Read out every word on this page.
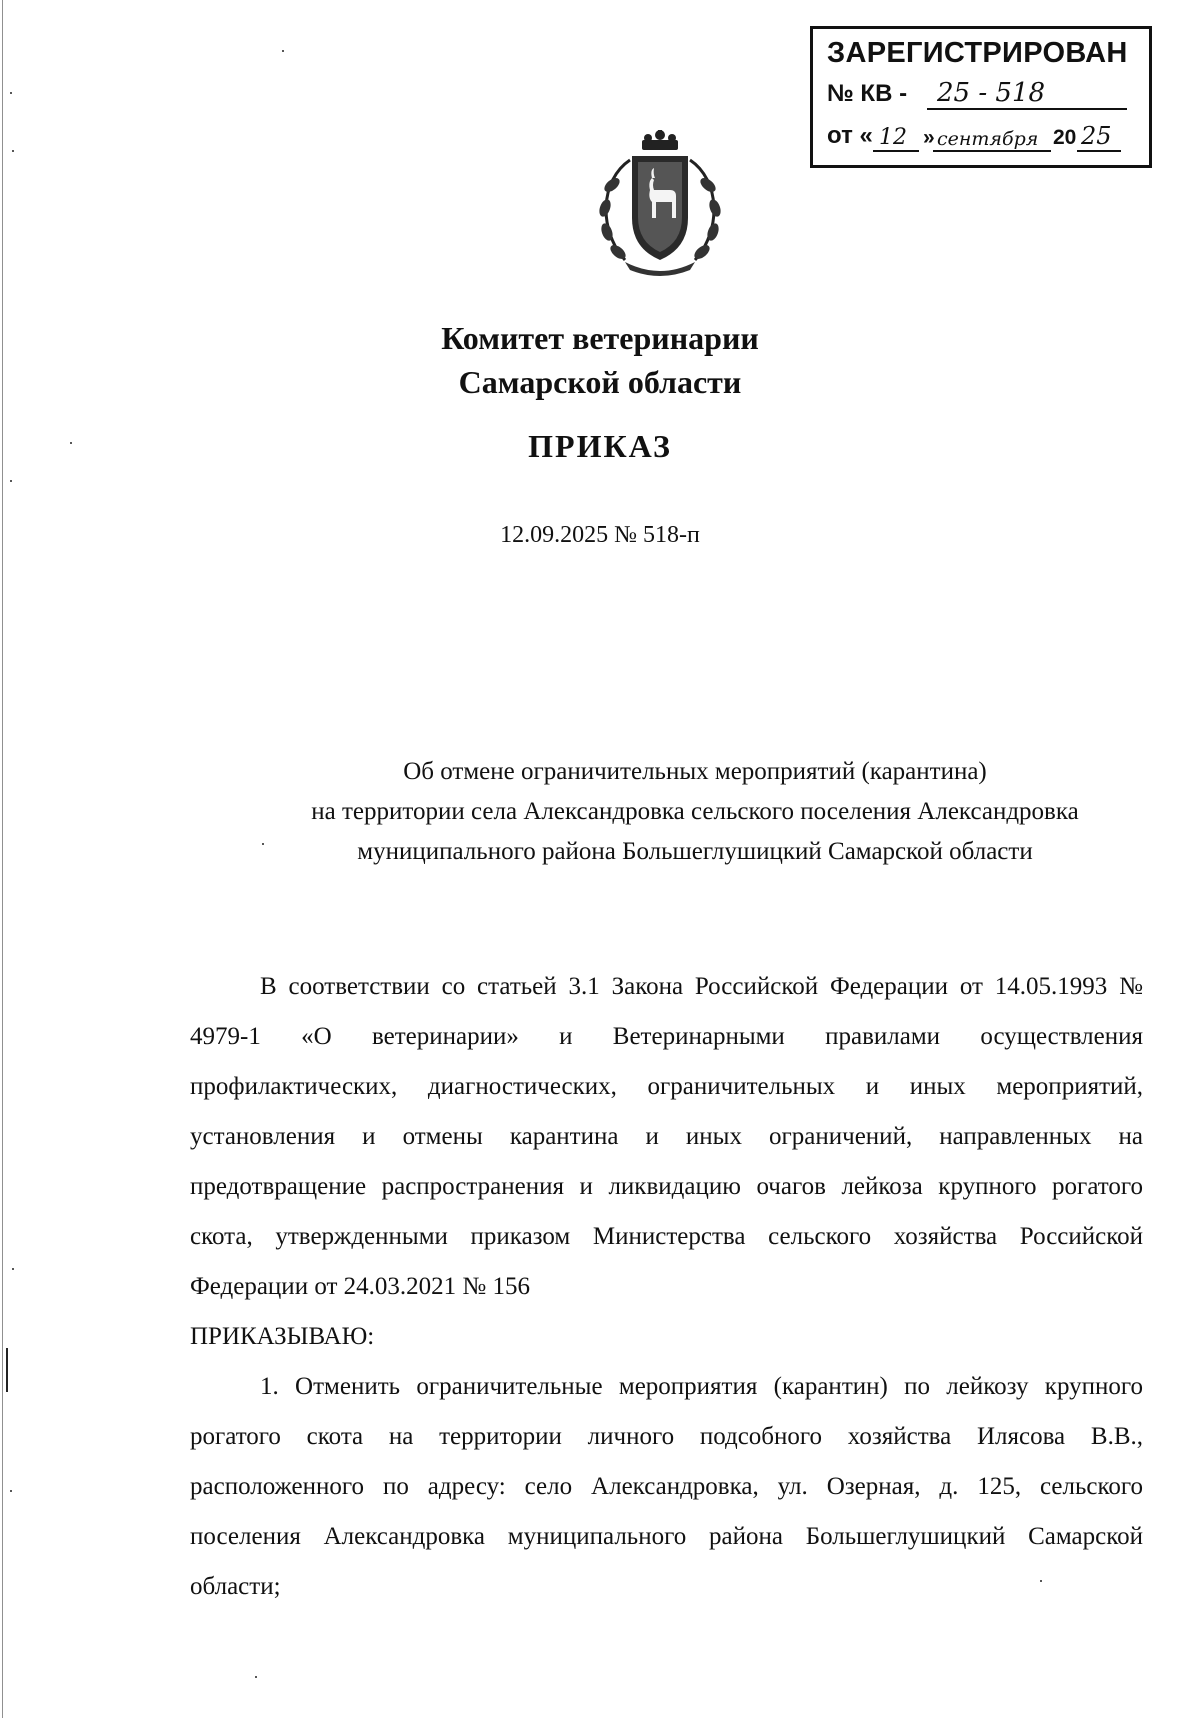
ЗАРЕГИСТРИРОВАН
№ КВ - 25 - 518
от « 12 » сентября 20 25
Комитет ветеринарии
Самарской области
ПРИКАЗ
12.09.2025 № 518-п
Об отмене ограничительных мероприятий (карантина)
на территории села Александровка сельского поселения Александровка
муниципального района Большеглушицкий Самарской области

В соответствии со статьей 3.1 Закона Российской Федерации от 14.05.1993 № 4979-1 «О ветеринарии» и Ветеринарными правилами осуществления профилактических, диагностических, ограничительных и иных мероприятий, установления и отмены карантина и иных ограничений, направленных на предотвращение распространения и ликвидацию очагов лейкоза крупного рогатого скота, утвержденными приказом Министерства сельского хозяйства Российской Федерации от 24.03.2021 № 156

ПРИКАЗЫВАЮ:

1. Отменить ограничительные мероприятия (карантин) по лейкозу крупного рогатого скота на территории личного подсобного хозяйства Илясова В.В., расположенного по адресу: село Александровка, ул. Озерная, д. 125, сельского поселения Александровка муниципального района Большеглушицкий Самарской области;
